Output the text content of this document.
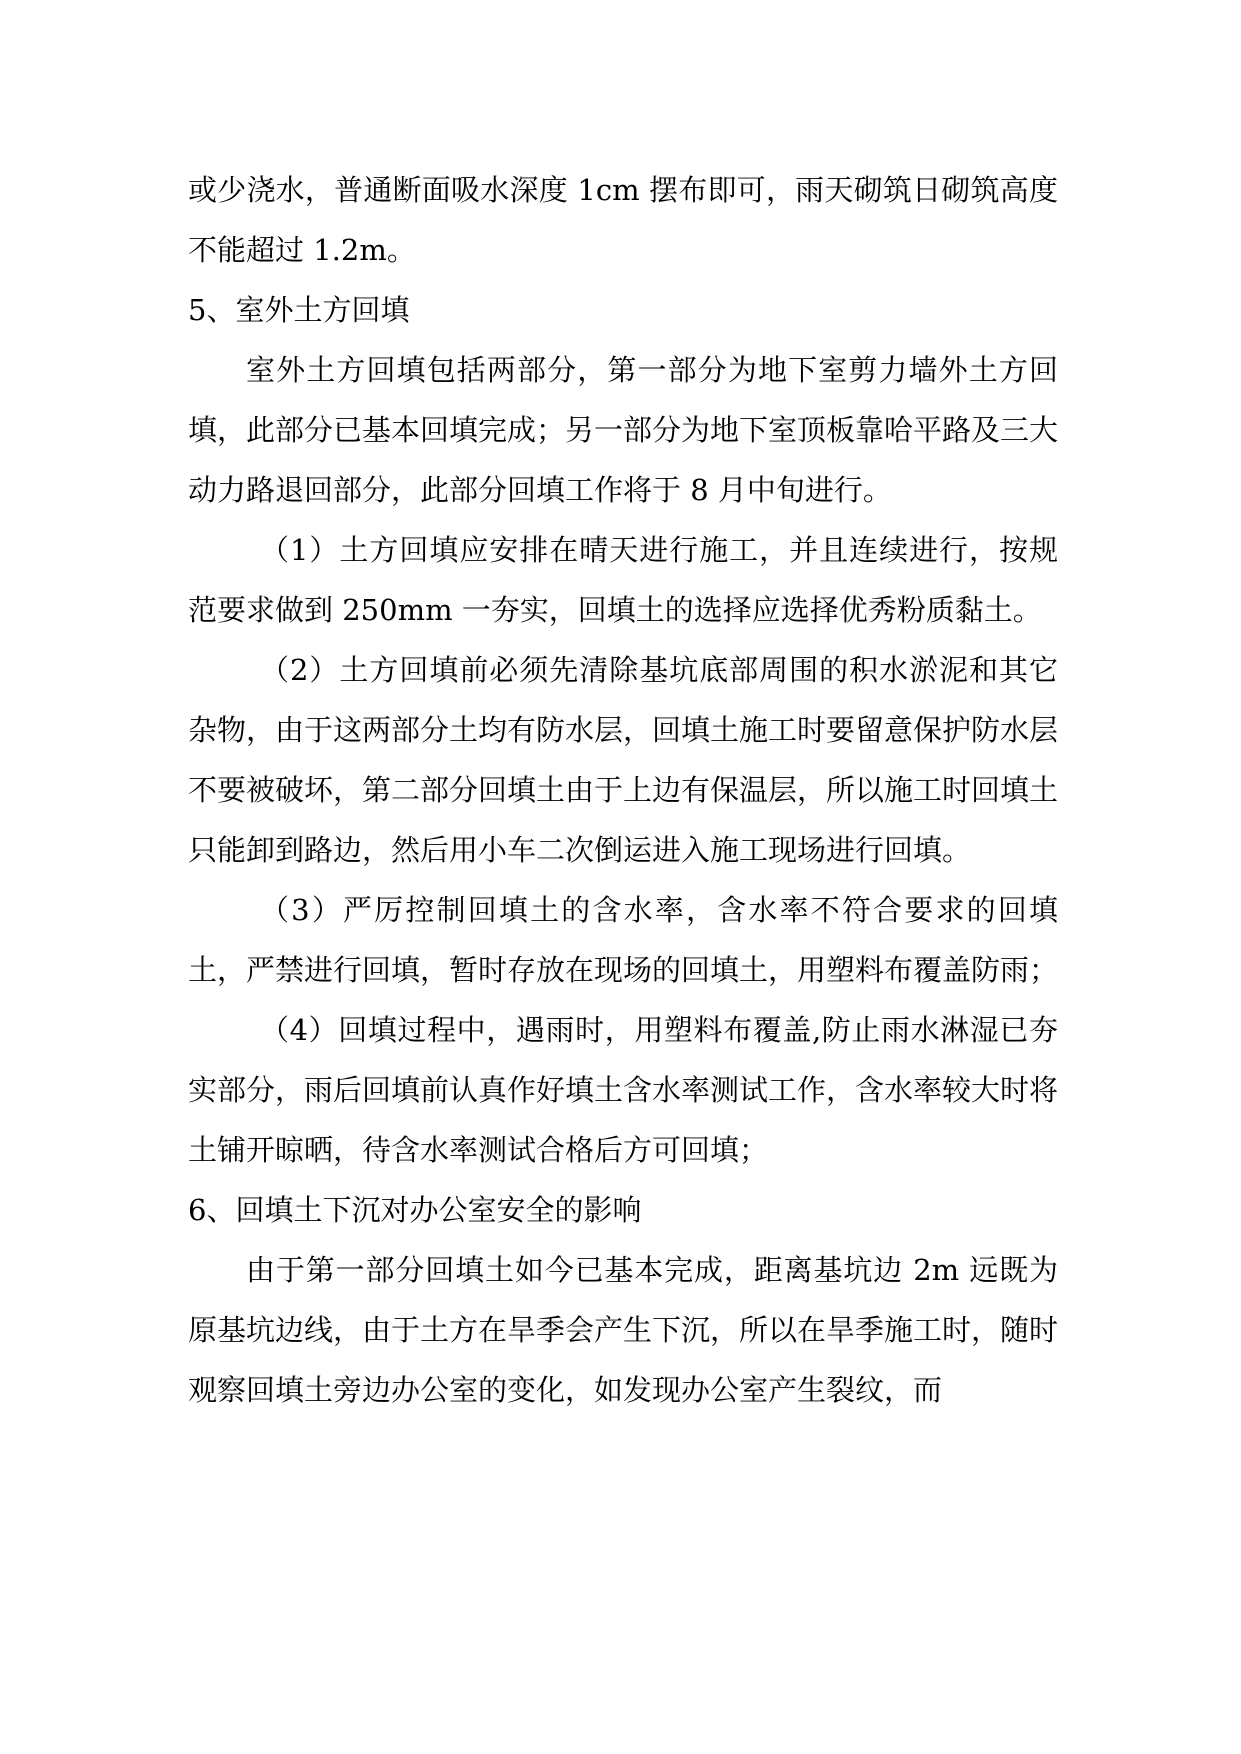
或少浇水，普通断面吸水深度 1cm 摆布即可，雨天砌筑日砌筑高度不能超过 1.2m。

5、室外土方回填

室外土方回填包括两部分，第一部分为地下室剪力墙外土方回填，此部分已基本回填完成；另一部分为地下室顶板靠哈平路及三大动力路退回部分，此部分回填工作将于 8 月中旬进行。

（1）土方回填应安排在晴天进行施工，并且连续进行，按规范要求做到 250mm 一夯实，回填土的选择应选择优秀粉质黏土。

（2）土方回填前必须先清除基坑底部周围的积水淤泥和其它杂物，由于这两部分土均有防水层，回填土施工时要留意保护防水层不要被破坏，第二部分回填土由于上边有保温层，所以施工时回填土只能卸到路边，然后用小车二次倒运进入施工现场进行回填。

（3）严厉控制回填土的含水率，含水率不符合要求的回填土，严禁进行回填，暂时存放在现场的回填土，用塑料布覆盖防雨；

（4）回填过程中，遇雨时，用塑料布覆盖,防止雨水淋湿已夯实部分，雨后回填前认真作好填土含水率测试工作，含水率较大时将土铺开晾晒，待含水率测试合格后方可回填；

6、回填土下沉对办公室安全的影响

由于第一部分回填土如今已基本完成，距离基坑边 2m 远既为原基坑边线，由于土方在旱季会产生下沉，所以在旱季施工时，随时观察回填土旁边办公室的变化，如发现办公室产生裂纹，而
